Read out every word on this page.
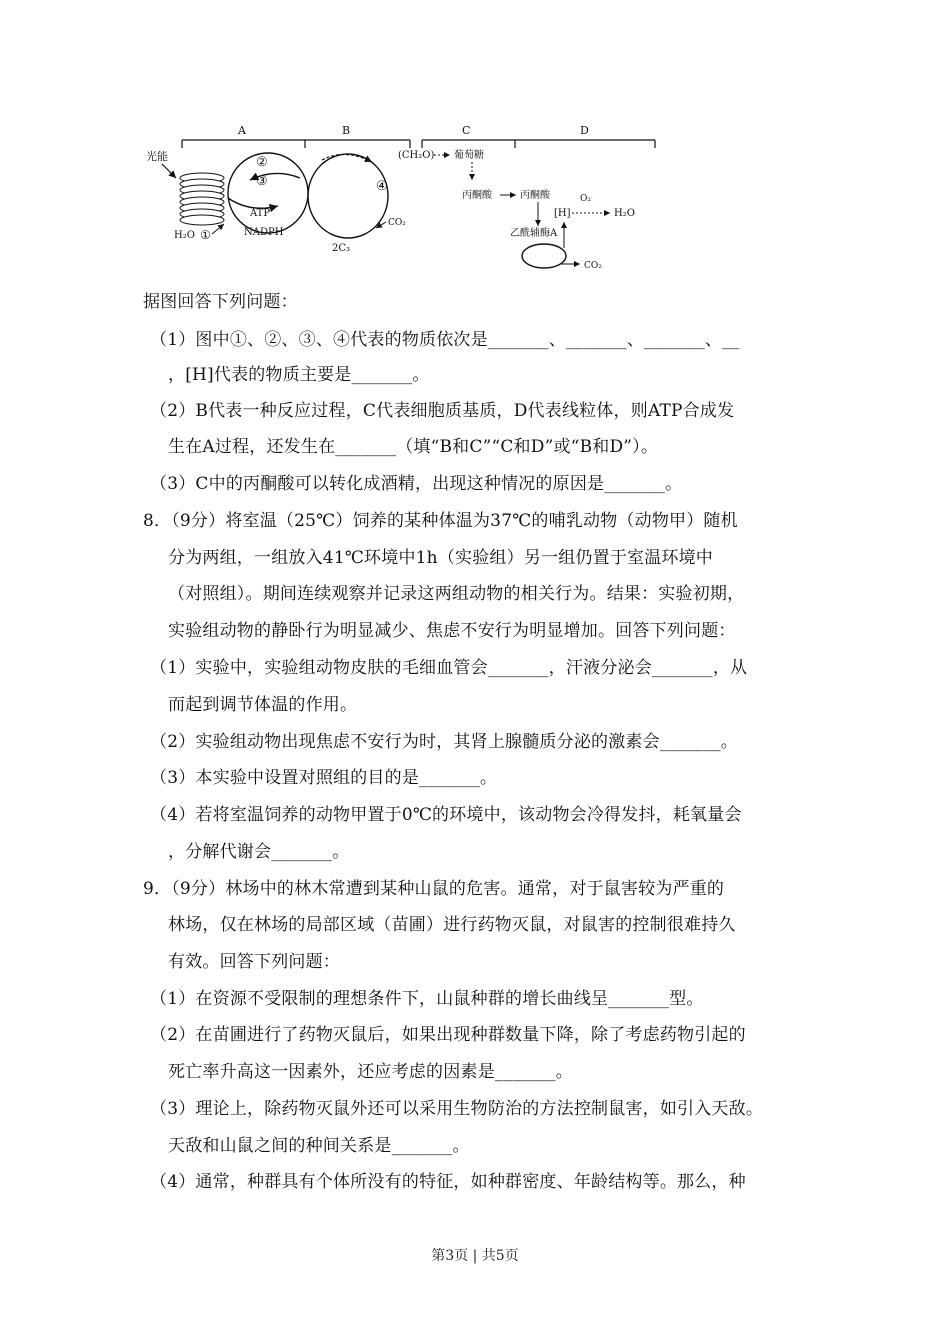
A	B	C	D
光能
H₂O ①
②
③
ATP
NADPH
④
2C₃
CO₂
(CH₂O) 葡萄糖
丙酮酸	丙酮酸
[H]
O₂
H₂O
乙酰辅酶A
CO₂
据图回答下列问题：
（1）图中①、②、③、④代表的物质依次是_______、_______、_______、__
，[H]代表的物质主要是_______。
（2）B代表一种反应过程，C代表细胞质基质，D代表线粒体，则ATP合成发
生在A过程，还发生在_______（填“B和C”“C和D”或“B和D”）。
（3）C中的丙酮酸可以转化成酒精，出现这种情况的原因是_______。
8．（9分）将室温（25℃）饲养的某种体温为37℃的哺乳动物（动物甲）随机
分为两组，一组放入41℃环境中1h（实验组）另一组仍置于室温环境中
（对照组）。期间连续观察并记录这两组动物的相关行为。结果：实验初期，
实验组动物的静卧行为明显减少、焦虑不安行为明显增加。回答下列问题：
（1）实验中，实验组动物皮肤的毛细血管会_______，汗液分泌会_______，从
而起到调节体温的作用。
（2）实验组动物出现焦虑不安行为时，其肾上腺髓质分泌的激素会_______。
（3）本实验中设置对照组的目的是_______。
（4）若将室温饲养的动物甲置于0℃的环境中，该动物会冷得发抖，耗氧量会
，分解代谢会_______。
9．（9分）林场中的林木常遭到某种山鼠的危害。通常，对于鼠害较为严重的
林场，仅在林场的局部区域（苗圃）进行药物灭鼠，对鼠害的控制很难持久
有效。回答下列问题：
（1）在资源不受限制的理想条件下，山鼠种群的增长曲线呈_______型。
（2）在苗圃进行了药物灭鼠后，如果出现种群数量下降，除了考虑药物引起的
死亡率升高这一因素外，还应考虑的因素是_______。
（3）理论上，除药物灭鼠外还可以采用生物防治的方法控制鼠害，如引入天敌。
天敌和山鼠之间的种间关系是_______。
（4）通常，种群具有个体所没有的特征，如种群密度、年龄结构等。那么，种
第3页 | 共5页
